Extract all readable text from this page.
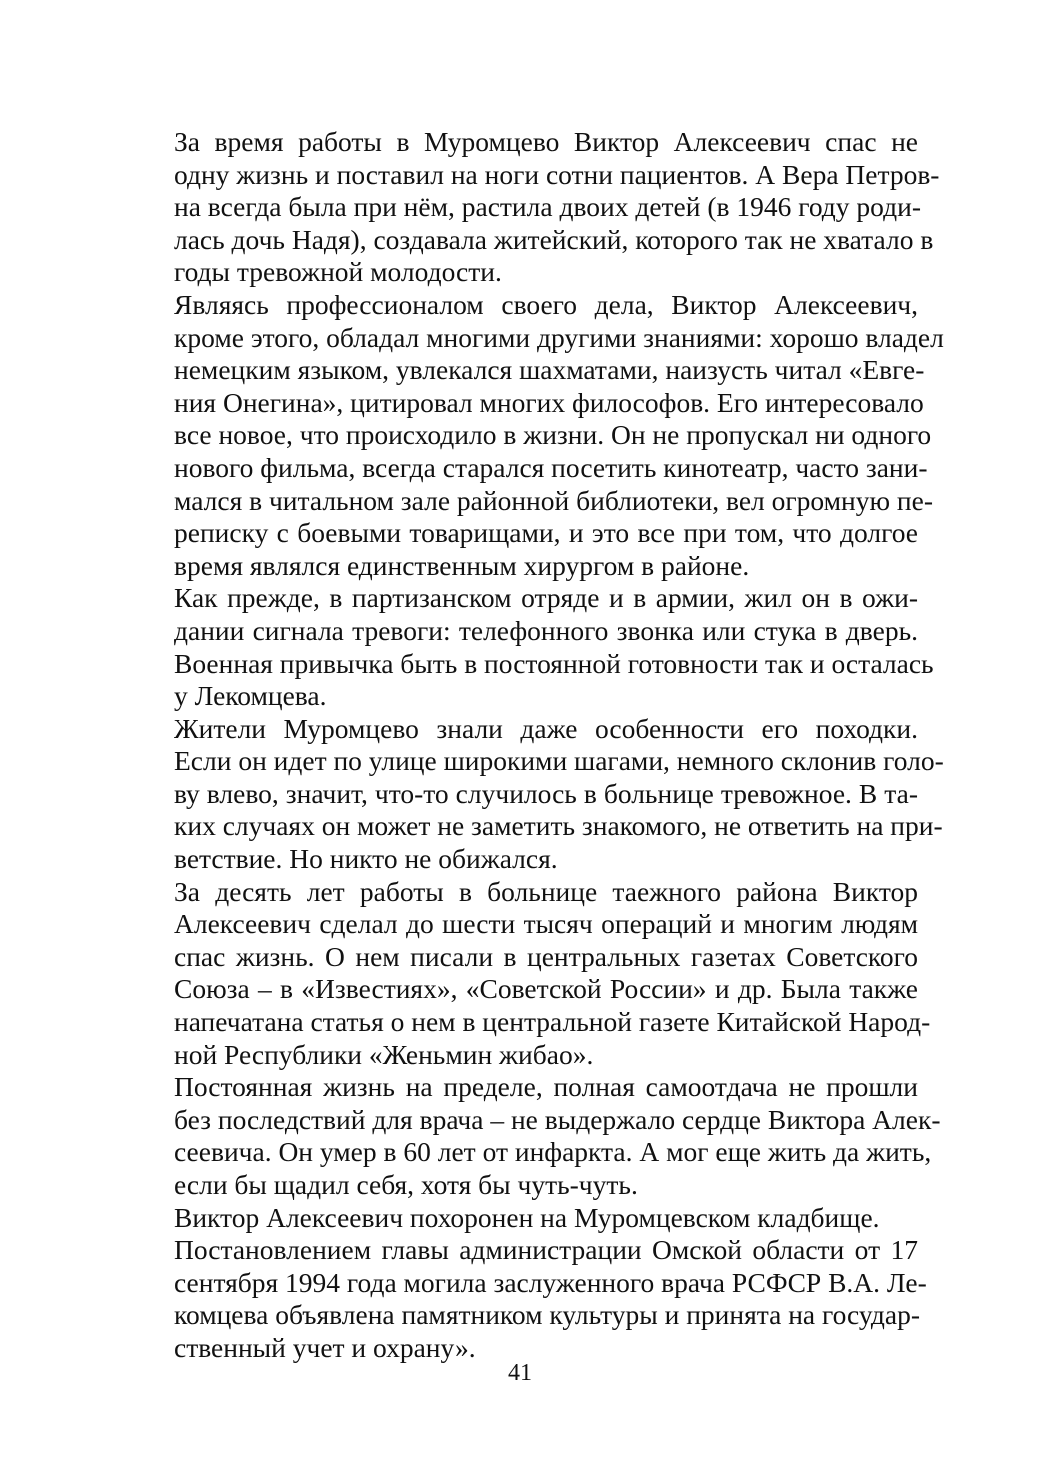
За время работы в Муромцево Виктор Алексеевич спас не
одну жизнь и поставил на ноги сотни пациентов. А Вера Петров-
на всегда была при нём, растила двоих детей (в 1946 году роди-
лась дочь Надя), создавала житейский, которого так не хватало в
годы тревожной молодости.
Являясь профессионалом своего дела, Виктор Алексеевич,
кроме этого, обладал многими другими знаниями: хорошо владел
немецким языком, увлекался шахматами, наизусть читал «Евге-
ния Онегина», цитировал многих философов. Его интересовало
все новое, что происходило в жизни. Он не пропускал ни одного
нового фильма, всегда старался посетить кинотеатр, часто зани-
мался в читальном зале районной библиотеки, вел огромную пе-
реписку с боевыми товарищами, и это все при том, что долгое
время являлся единственным хирургом в районе.
Как прежде, в партизанском отряде и в армии, жил он в ожи-
дании сигнала тревоги: телефонного звонка или стука в дверь.
Военная привычка быть в постоянной готовности так и осталась
у Лекомцева.
Жители Муромцево знали даже особенности его походки.
Если он идет по улице широкими шагами, немного склонив голо-
ву влево, значит, что-то случилось в больнице тревожное. В та-
ких случаях он может не заметить знакомого, не ответить на при-
ветствие. Но никто не обижался.
За десять лет работы в больнице таежного района Виктор
Алексеевич сделал до шести тысяч операций и многим людям
спас жизнь. О нем писали в центральных газетах Советского
Союза – в «Известиях», «Советской России» и др. Была также
напечатана статья о нем в центральной газете Китайской Народ-
ной Республики «Женьмин жибао».
Постоянная жизнь на пределе, полная самоотдача не прошли
без последствий для врача – не выдержало сердце Виктора Алек-
сеевича. Он умер в 60 лет от инфаркта. А мог еще жить да жить,
если бы щадил себя, хотя бы чуть-чуть.
Виктор Алексеевич похоронен на Муромцевском кладбище.
Постановлением главы администрации Омской области от 17
сентября 1994 года могила заслуженного врача РСФСР В.А. Ле-
комцева объявлена памятником культуры и принята на государ-
ственный учет и охрану».
41
